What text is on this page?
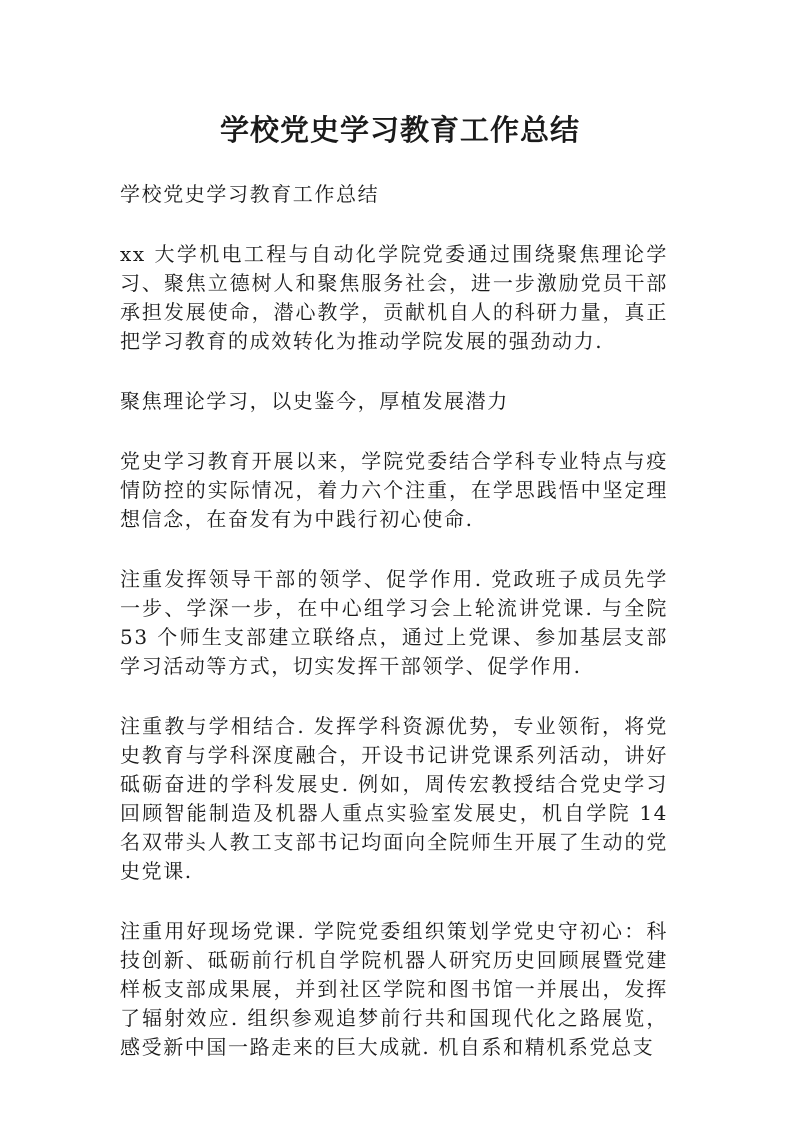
学校党史学习教育工作总结

学校党史学习教育工作总结

xx 大学机电工程与自动化学院党委通过围绕聚焦理论学习、聚焦立德树人和聚焦服务社会，进一步激励党员干部承担发展使命，潜心教学，贡献机自人的科研力量，真正把学习教育的成效转化为推动学院发展的强劲动力.

聚焦理论学习，以史鉴今，厚植发展潜力

党史学习教育开展以来，学院党委结合学科专业特点与疫情防控的实际情况，着力六个注重，在学思践悟中坚定理想信念，在奋发有为中践行初心使命.

注重发挥领导干部的领学、促学作用. 党政班子成员先学一步、学深一步，在中心组学习会上轮流讲党课. 与全院 53 个师生支部建立联络点，通过上党课、参加基层支部学习活动等方式，切实发挥干部领学、促学作用.

注重教与学相结合. 发挥学科资源优势，专业领衔，将党史教育与学科深度融合，开设书记讲党课系列活动，讲好砥砺奋进的学科发展史. 例如，周传宏教授结合党史学习回顾智能制造及机器人重点实验室发展史，机自学院 14 名双带头人教工支部书记均面向全院师生开展了生动的党史党课.

注重用好现场党课. 学院党委组织策划学党史守初心：科技创新、砥砺前行机自学院机器人研究历史回顾展暨党建样板支部成果展，并到社区学院和图书馆一并展出，发挥了辐射效应. 组织参观追梦前行共和国现代化之路展览，感受新中国一路走来的巨大成就. 机自系和精机系党总支
